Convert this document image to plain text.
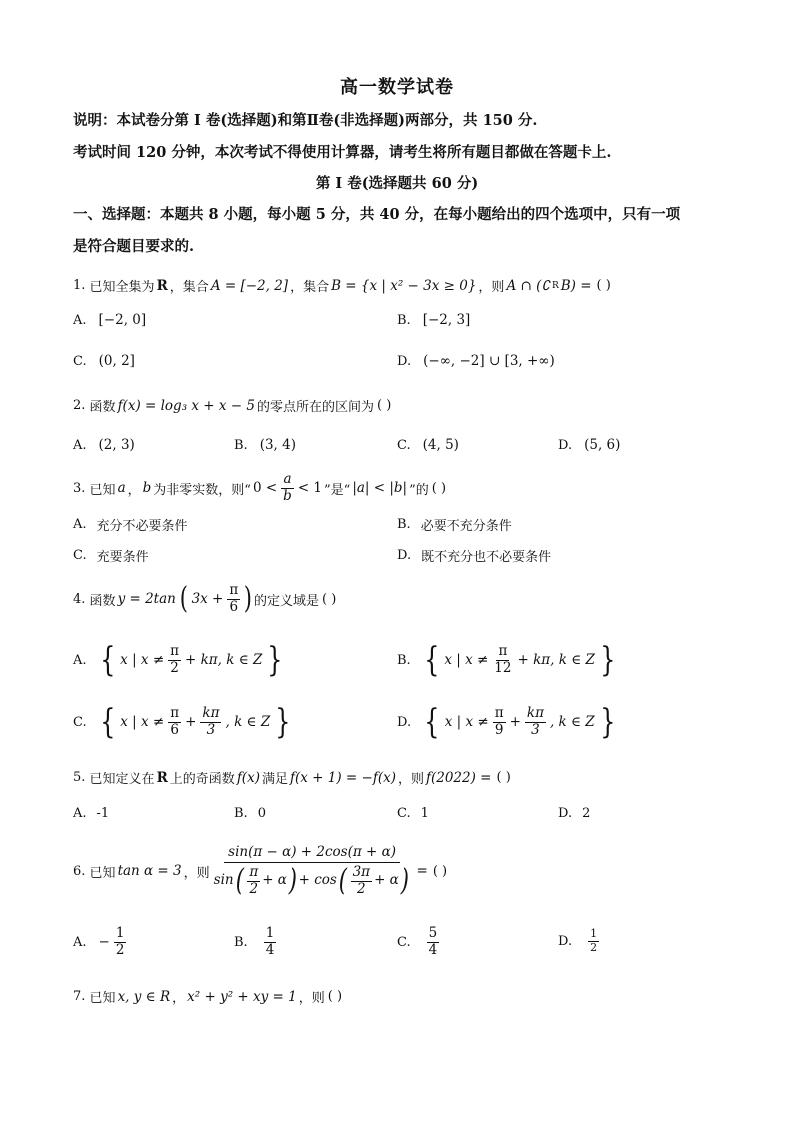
高一数学试卷
说明：本试卷分第 I 卷(选择题)和第Ⅱ卷(非选择题)两部分，共 150 分.
考试时间 120 分钟，本次考试不得使用计算器，请考生将所有题目都做在答题卡上.
第 I 卷(选择题共 60 分)
一、选择题：本题共 8 小题，每小题 5 分，共 40 分，在每小题给出的四个选项中，只有一项
是符合题目要求的.
1.
已知全集为 R ，集合 A = [−2, 2] ，集合 B = {x | x² − 3x ≥ 0} ，则 A ∩ (∁ R B) = ( )
A. [−2, 0]	B. [−2, 3]
C. (0, 2]	D. (−∞, −2] ∪ [3, +∞)
2.
函数 f(x) = log₃ x + x − 5 的零点所在的区间为 ( )
A. (2, 3)	B. (3, 4)	C. (4, 5)	D. (5, 6)
3.
已知 a ， b 为非零实数，则“ $0 < \frac{a}{b} < 1$ ”是“ |a| < |b| ”的 ( )
A. 充分不必要条件	B. 必要不充分条件
C. 充要条件	D. 既不充分也不必要条件
4.
函数 y = 2tan ( $3x + \frac{\pi}{6}$ ) 的定义域是 ( )
A. { x | $x \ne \frac{\pi}{2} + k\pi$, k ∈ Z }	B. { x | $x \ne \frac{\pi}{12} + k\pi$, k ∈ Z }
C. { x | $x \ne \frac{\pi}{6} + \frac{k\pi}{3}$ , k ∈ Z }	D. { x | $x \ne \frac{\pi}{9} + \frac{k\pi}{3}$ , k ∈ Z }
5.
已知定义在 R 上的奇函数 f(x) 满足 f(x + 1) = −f(x) ，则 f(2022) = ( )
A. -1	B. 0	C. 1	D. 2
6.
已知 tan α = 3 ，则
sin(π − α) + 2cos(π + α)
sin ( $\frac{\pi}{2} + \alpha$ ) + cos ( $\frac{3\pi}{2} + \alpha$ ) = ( )
A. − $\frac{1}{2}$	B. $\frac{1}{4}$	C. $\frac{5}{4}$	D. $\frac{1}{2}$
7.
已知 x, y ∈ R ， x² + y² + xy = 1 ，则 ( )
